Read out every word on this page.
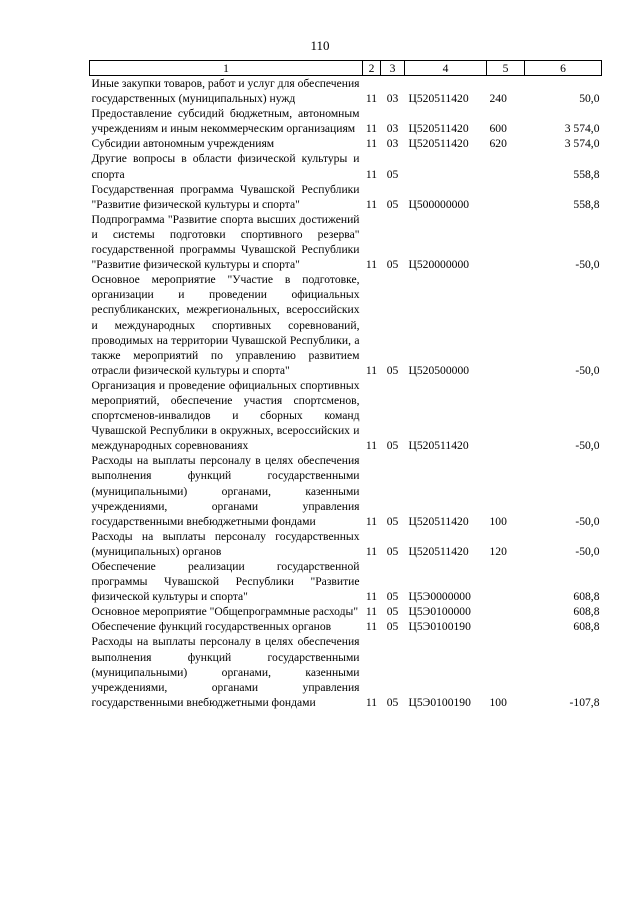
110
1	2	3	4	5	6
Иные закупки товаров, работ и услуг для обеспечения государственных (муниципальных) нужд	11	03	Ц520511420	240	50,0
Предоставление субсидий бюджетным, автономным учреждениям и иным некоммерческим организациям	11	03	Ц520511420	600	3 574,0
Субсидии автономным учреждениям	11	03	Ц520511420	620	3 574,0
Другие вопросы в области физической культуры и спорта	11	05			558,8
Государственная программа Чувашской Республики "Развитие физической культуры и спорта"	11	05	Ц500000000		558,8
Подпрограмма "Развитие спорта высших достижений и системы подготовки спортивного резерва" государственной программы Чувашской Республики "Развитие физической культуры и спорта"	11	05	Ц520000000		-50,0
Основное мероприятие "Участие в подготовке, организации и проведении официальных республиканских, межрегиональных, всероссийских и международных спортивных соревнований, проводимых на территории Чувашской Республики, а также мероприятий по управлению развитием отрасли физической культуры и спорта"	11	05	Ц520500000		-50,0
Организация и проведение официальных спортивных мероприятий, обеспечение участия спортсменов, спортсменов-инвалидов и сборных команд Чувашской Республики в окружных, всероссийских и международных соревнованиях	11	05	Ц520511420		-50,0
Расходы на выплаты персоналу в целях обеспечения выполнения функций государственными (муниципальными) органами, казенными учреждениями, органами управления государственными внебюджетными фондами	11	05	Ц520511420	100	-50,0
Расходы на выплаты персоналу государственных (муниципальных) органов	11	05	Ц520511420	120	-50,0
Обеспечение реализации государственной программы Чувашской Республики "Развитие физической культуры и спорта"	11	05	Ц5Э0000000		608,8
Основное мероприятие "Общепрограммные расходы"	11	05	Ц5Э0100000		608,8
Обеспечение функций государственных органов	11	05	Ц5Э0100190		608,8
Расходы на выплаты персоналу в целях обеспечения выполнения функций государственными (муниципальными) органами, казенными учреждениями, органами управления государственными внебюджетными фондами	11	05	Ц5Э0100190	100	-107,8
